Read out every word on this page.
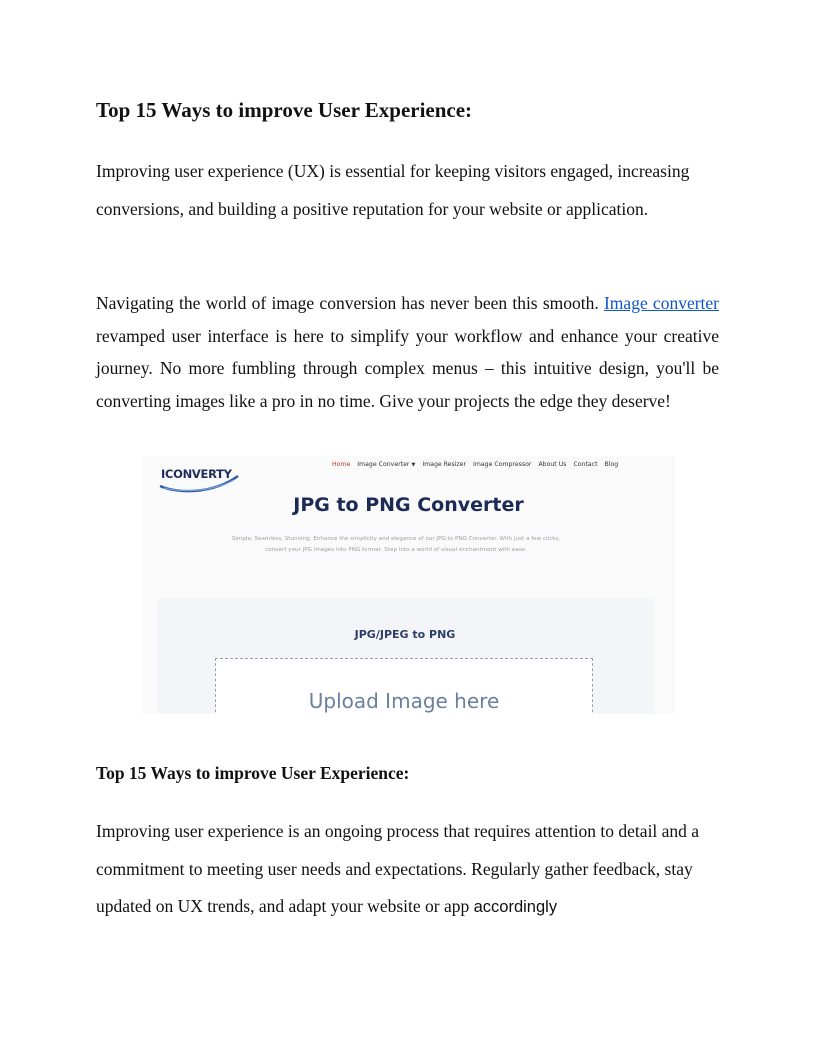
Top 15 Ways to improve User Experience:

Improving user experience (UX) is essential for keeping visitors engaged, increasing conversions, and building a positive reputation for your website or application.

Navigating the world of image conversion has never been this smooth. Image converter revamped user interface is here to simplify your workflow and enhance your creative journey. No more fumbling through complex menus – this intuitive design, you'll be converting images like a pro in no time. Give your projects the edge they deserve!

ICONVERTY
Home Image Converter ▼ Image Resizer Image Compressor About Us Contact Blog
JPG to PNG Converter
Simple, Seamless, Stunning. Enhance the simplicity and elegance of our JPG to PNG Converter. With just a few clicks, convert your JPG images into PNG format. Step into a world of visual enchantment with ease.
JPG/JPEG to PNG
Upload Image here
Top 15 Ways to improve User Experience:

Improving user experience is an ongoing process that requires attention to detail and a commitment to meeting user needs and expectations. Regularly gather feedback, stay updated on UX trends, and adapt your website or app accordingly
